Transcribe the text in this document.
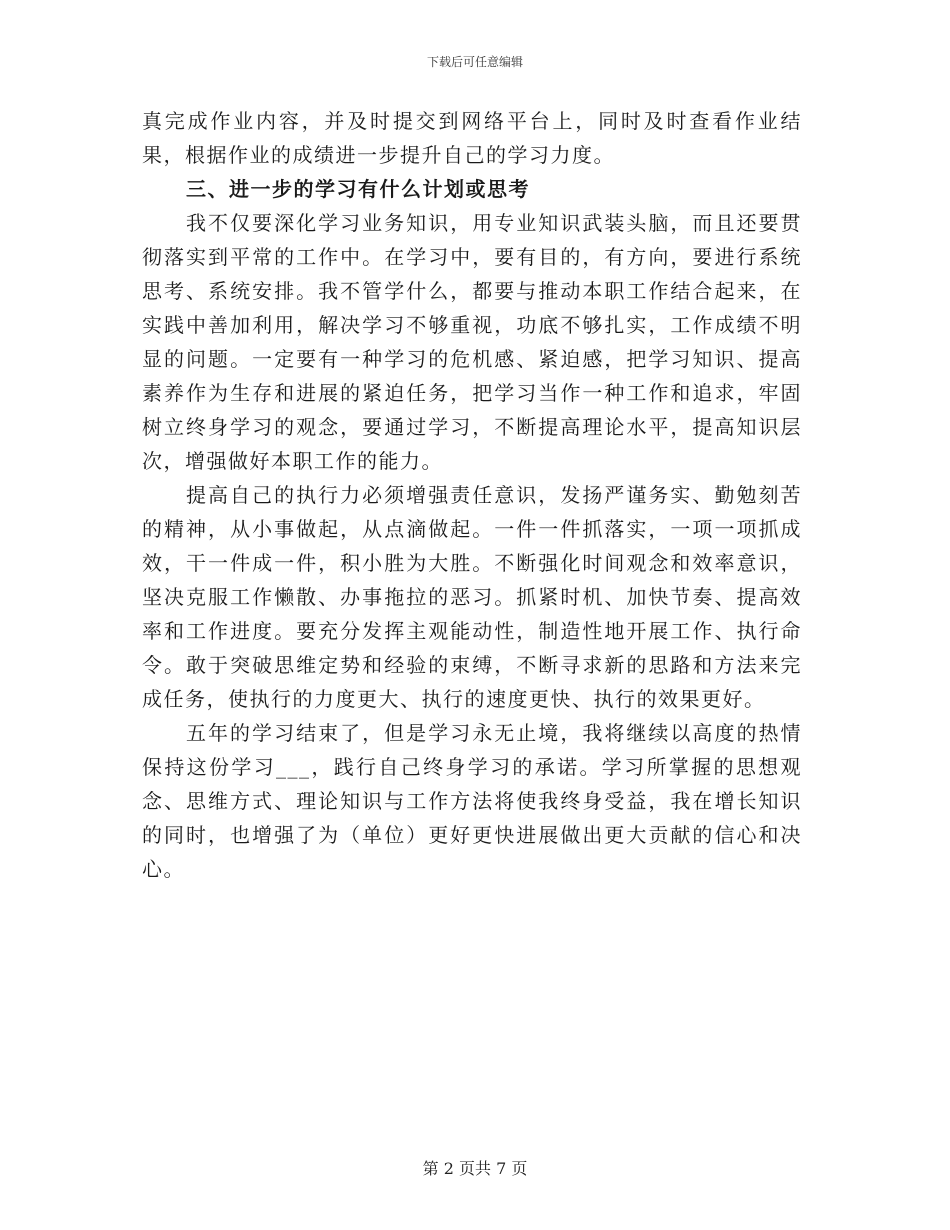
下载后可任意编辑

真完成作业内容，并及时提交到网络平台上，同时及时查看作业结果，根据作业的成绩进一步提升自己的学习力度。

三、进一步的学习有什么计划或思考

我不仅要深化学习业务知识，用专业知识武装头脑，而且还要贯彻落实到平常的工作中。在学习中，要有目的，有方向，要进行系统思考、系统安排。我不管学什么，都要与推动本职工作结合起来，在实践中善加利用，解决学习不够重视，功底不够扎实，工作成绩不明显的问题。一定要有一种学习的危机感、紧迫感，把学习知识、提高素养作为生存和进展的紧迫任务，把学习当作一种工作和追求，牢固树立终身学习的观念，要通过学习，不断提高理论水平，提高知识层次，增强做好本职工作的能力。

提高自己的执行力必须增强责任意识，发扬严谨务实、勤勉刻苦的精神，从小事做起，从点滴做起。一件一件抓落实，一项一项抓成效，干一件成一件，积小胜为大胜。不断强化时间观念和效率意识，坚决克服工作懒散、办事拖拉的恶习。抓紧时机、加快节奏、提高效率和工作进度。要充分发挥主观能动性，制造性地开展工作、执行命令。敢于突破思维定势和经验的束缚，不断寻求新的思路和方法来完成任务，使执行的力度更大、执行的速度更快、执行的效果更好。

五年的学习结束了，但是学习永无止境，我将继续以高度的热情保持这份学习___，践行自己终身学习的承诺。学习所掌握的思想观念、思维方式、理论知识与工作方法将使我终身受益，我在增长知识的同时，也增强了为（单位）更好更快进展做出更大贡献的信心和决心。

第 2 页共 7 页
